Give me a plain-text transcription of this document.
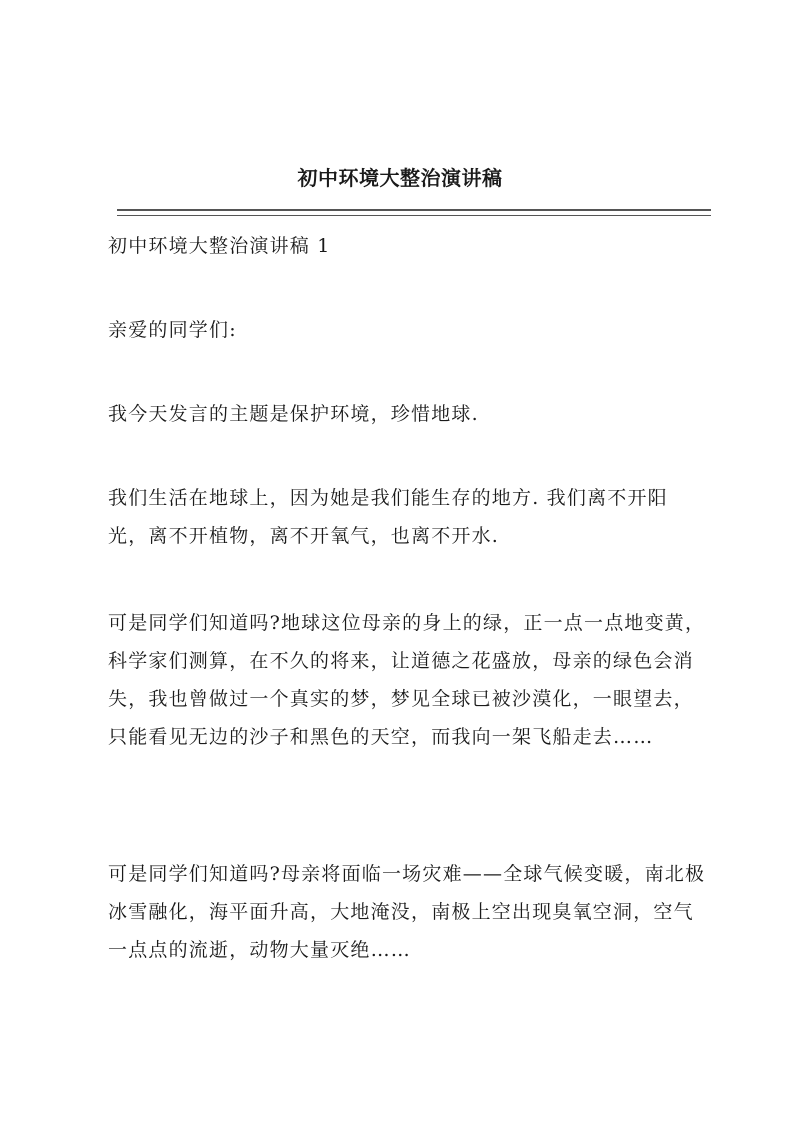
初中环境大整治演讲稿

初中环境大整治演讲稿 1

亲爱的同学们:

我今天发言的主题是保护环境，珍惜地球.

我们生活在地球上，因为她是我们能生存的地方. 我们离不开阳光，离不开植物，离不开氧气，也离不开水.

可是同学们知道吗?地球这位母亲的身上的绿，正一点一点地变黄，科学家们测算，在不久的将来，让道德之花盛放，母亲的绿色会消失，我也曾做过一个真实的梦，梦见全球已被沙漠化，一眼望去，只能看见无边的沙子和黑色的天空，而我向一架飞船走去……

可是同学们知道吗?母亲将面临一场灾难——全球气候变暖，南北极冰雪融化，海平面升高，大地淹没，南极上空出现臭氧空洞，空气一点点的流逝，动物大量灭绝……
